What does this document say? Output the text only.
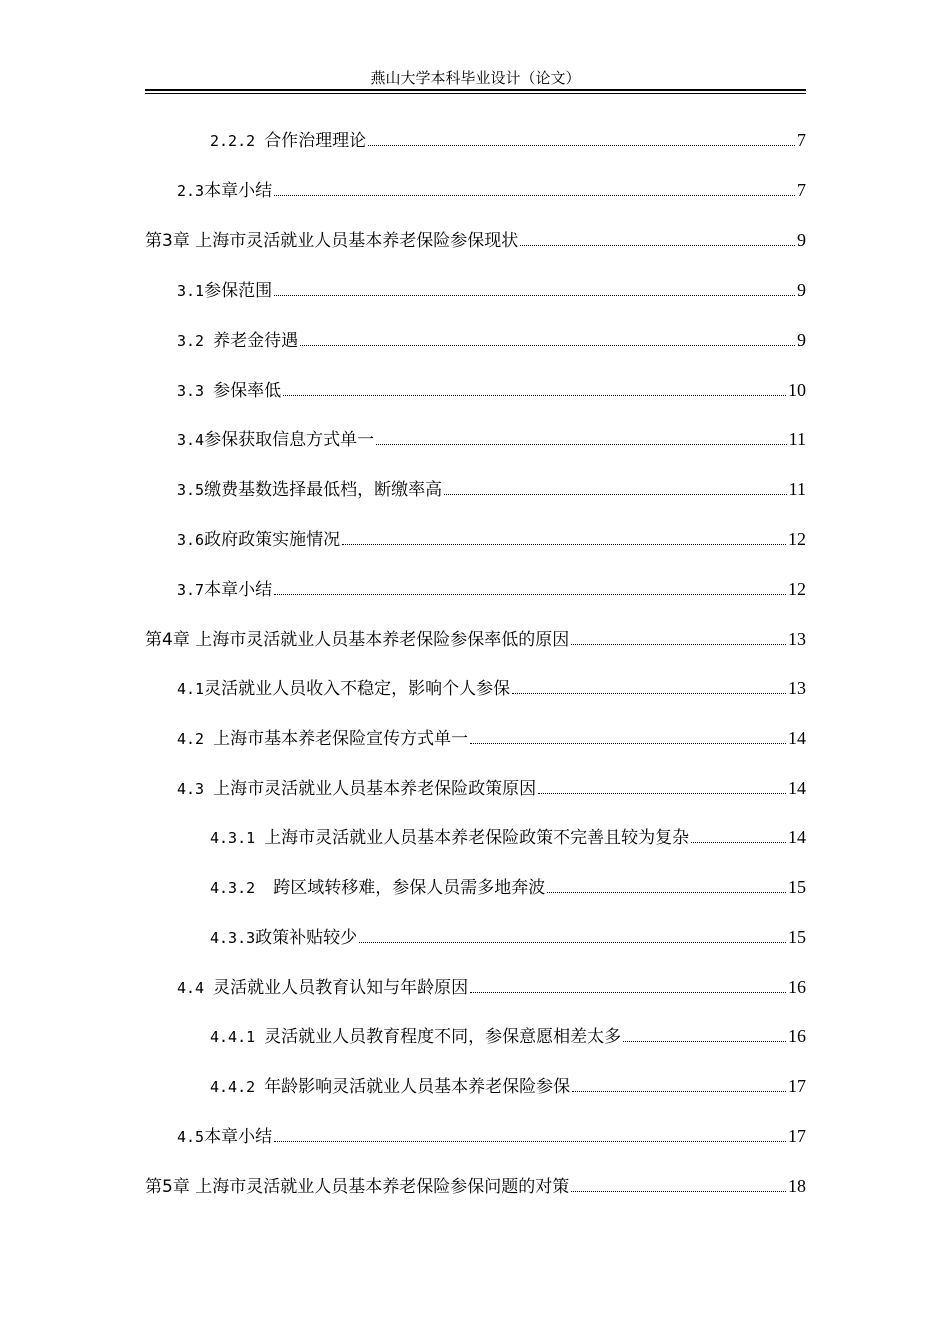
燕山大学本科毕业设计（论文）
2.2.2 合作治理理论	7
2.3本章小结	7
第3章 上海市灵活就业人员基本养老保险参保现状	9
3.1参保范围	9
3.2 养老金待遇	9
3.3 参保率低	10
3.4参保获取信息方式单一	11
3.5缴费基数选择最低档，断缴率高	11
3.6政府政策实施情况	12
3.7本章小结	12
第4章 上海市灵活就业人员基本养老保险参保率低的原因	13
4.1灵活就业人员收入不稳定，影响个人参保	13
4.2 上海市基本养老保险宣传方式单一	14
4.3 上海市灵活就业人员基本养老保险政策原因	14
4.3.1 上海市灵活就业人员基本养老保险政策不完善且较为复杂	14
4.3.2 跨区域转移难，参保人员需多地奔波	15
4.3.3政策补贴较少	15
4.4 灵活就业人员教育认知与年龄原因	16
4.4.1 灵活就业人员教育程度不同，参保意愿相差太多	16
4.4.2 年龄影响灵活就业人员基本养老保险参保	17
4.5本章小结	17
第5章 上海市灵活就业人员基本养老保险参保问题的对策	18
